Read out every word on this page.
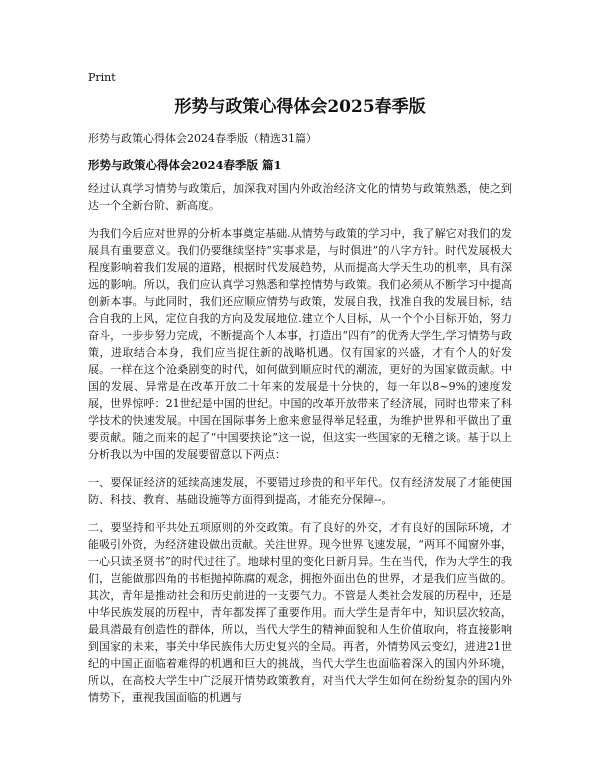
Print

形势与政策心得体会2025春季版

形势与政策心得体会2024春季版（精选31篇）

形势与政策心得体会2024春季版 篇1

经过认真学习情势与政策后，加深我对国内外政治经济文化的情势与政策熟悉，使之到达一个全新台阶、新高度。

为我们今后应对世界的分析本事奠定基础.从情势与政策的学习中，我了解它对我们的发展具有重要意义。我们仍要继续坚持“实事求是，与时俱进”的八字方针。时代发展极大程度影响着我们发展的道路，根据时代发展趋势，从而提高大学天生功的机率，具有深远的影响。所以，我们应认真学习熟悉和掌控情势与政策。我们必须从不断学习中提高创新本事。与此同时，我们还应顺应情势与政策，发展自我，找准自我的发展目标，结合自我的上风，定位自我的方向及发展地位.建立个人目标，从一个个小目标开始，努力奋斗，一步步努力完成，不断提高个人本事，打造出“四有”的优秀大学生,学习情势与政策，进取结合本身，我们应当捉住新的战略机遇。仅有国家的兴盛，才有个人的好发展。一样在这个沧桑剧变的时代，如何做到顺应时代的潮流，更好的为国家做贡献。中国的发展、异常是在改革开放二十年来的发展是十分快的，每一年以8~9%的速度发展，世界惊呼：21世纪是中国的世纪。中国的改革开放带来了经济展，同时也带来了科学技术的快速发展。中国在国际事务上愈来愈显得举足轻重，为维护世界和平做出了重要贡献。随之而来的起了“中国要挟论”这一说，但这实一些国家的无稽之谈。基于以上分析我以为中国的发展要留意以下两点：

一、要保证经济的延续高速发展，不要错过珍贵的和平年代。仅有经济发展了才能使国防、科技、教育、基础设施等方面得到提高，才能充分保障--。

二、要坚持和平共处五项原则的外交政策。有了良好的外交，才有良好的国际环境，才能吸引外资，为经济建设做出贡献。关注世界。现今世界飞速发展，“两耳不闻窗外事，一心只读圣贤书”的时代过往了。地球村里的变化日新月异。生在当代，作为大学生的我们，岂能做那四角的书柜抛掉陈腐的观念，拥抱外面出色的世界，才是我们应当做的。其次，青年是推动社会和历史前进的一支要气力。不管是人类社会发展的历程中，还是中华民族发展的历程中，青年都发挥了重要作用。而大学生是青年中，知识层次较高，最具潜最有创造性的群体，所以，当代大学生的精神面貌和人生价值取向，将直接影响到国家的未来，事关中华民族伟大历史复兴的全局。再者，外情势风云变幻，进进21世纪的中国正面临着难得的机遇和巨大的挑战，当代大学生也面临着深入的国内外环境，所以，在高校大学生中广泛展开情势政策教育，对当代大学生如何在纷纷复杂的国内外情势下，重视我国面临的机遇与
